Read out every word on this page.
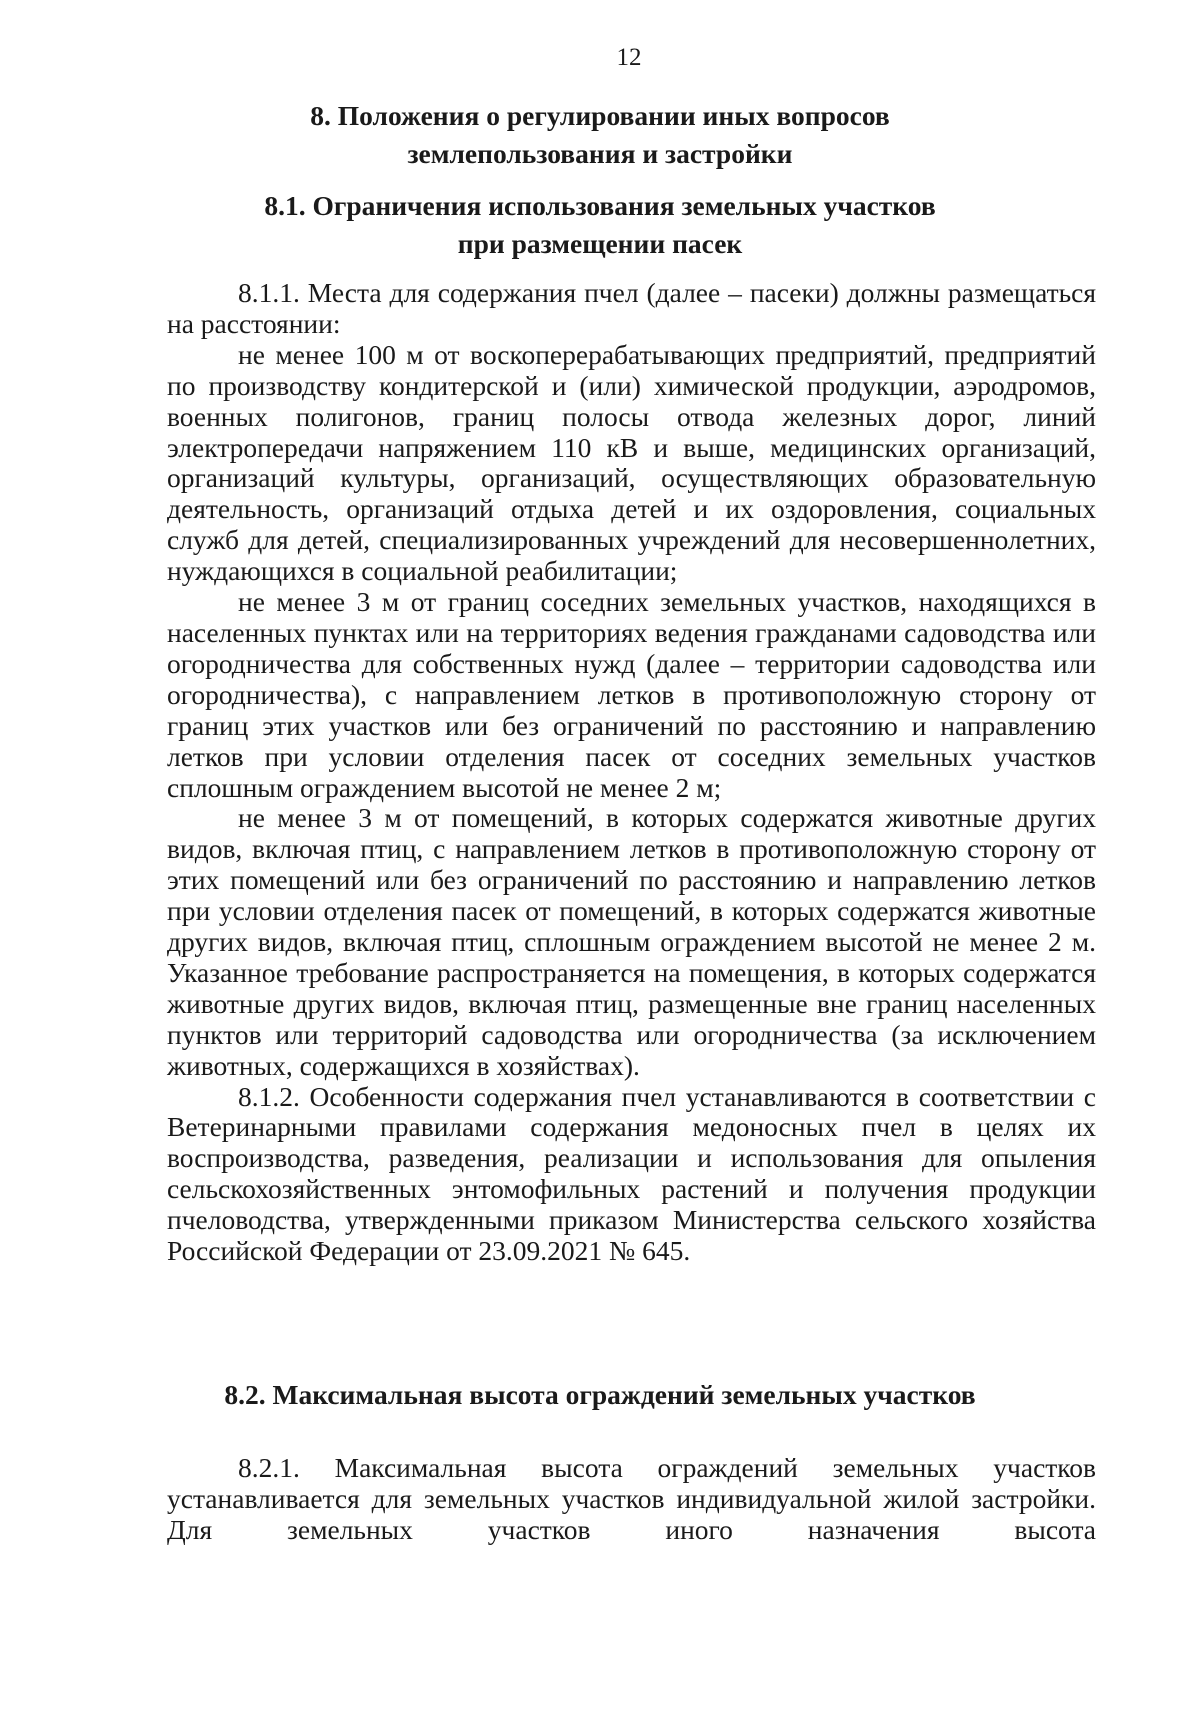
12
8. Положения о регулировании иных вопросов
землепользования и застройки
8.1. Ограничения использования земельных участков
при размещении пасек

8.1.1. Места для содержания пчел (далее – пасеки) должны размещаться на расстоянии:

не менее 100 м от воскоперерабатывающих предприятий, предприятий по производству кондитерской и (или) химической продукции, аэродромов, военных полигонов, границ полосы отвода железных дорог, линий электропередачи напряжением 110 кВ и выше, медицинских организаций, организаций культуры, организаций, осуществляющих образовательную деятельность, организаций отдыха детей и их оздоровления, социальных служб для детей, специализированных учреждений для несовершеннолетних, нуждающихся в социальной реабилитации;

не менее 3 м от границ соседних земельных участков, находящихся в населенных пунктах или на территориях ведения гражданами садоводства или огородничества для собственных нужд (далее – территории садоводства или огородничества), с направлением летков в противоположную сторону от границ этих участков или без ограничений по расстоянию и направлению летков при условии отделения пасек от соседних земельных участков сплошным ограждением высотой не менее 2 м;

не менее 3 м от помещений, в которых содержатся животные других видов, включая птиц, с направлением летков в противоположную сторону от этих помещений или без ограничений по расстоянию и направлению летков при условии отделения пасек от помещений, в которых содержатся животные других видов, включая птиц, сплошным ограждением высотой не менее 2 м. Указанное требование распространяется на помещения, в которых содержатся животные других видов, включая птиц, размещенные вне границ населенных пунктов или территорий садоводства или огородничества (за исключением животных, содержащихся в хозяйствах).

8.1.2. Особенности содержания пчел устанавливаются в соответствии с Ветеринарными правилами содержания медоносных пчел в целях их воспроизводства, разведения, реализации и использования для опыления сельскохозяйственных энтомофильных растений и получения продукции пчеловодства, утвержденными приказом Министерства сельского хозяйства Российской Федерации от 23.09.2021 № 645.

8.2. Максимальная высота ограждений земельных участков

8.2.1. Максимальная высота ограждений земельных участков устанавливается для земельных участков индивидуальной жилой застройки. Для земельных участков иного назначения высота
